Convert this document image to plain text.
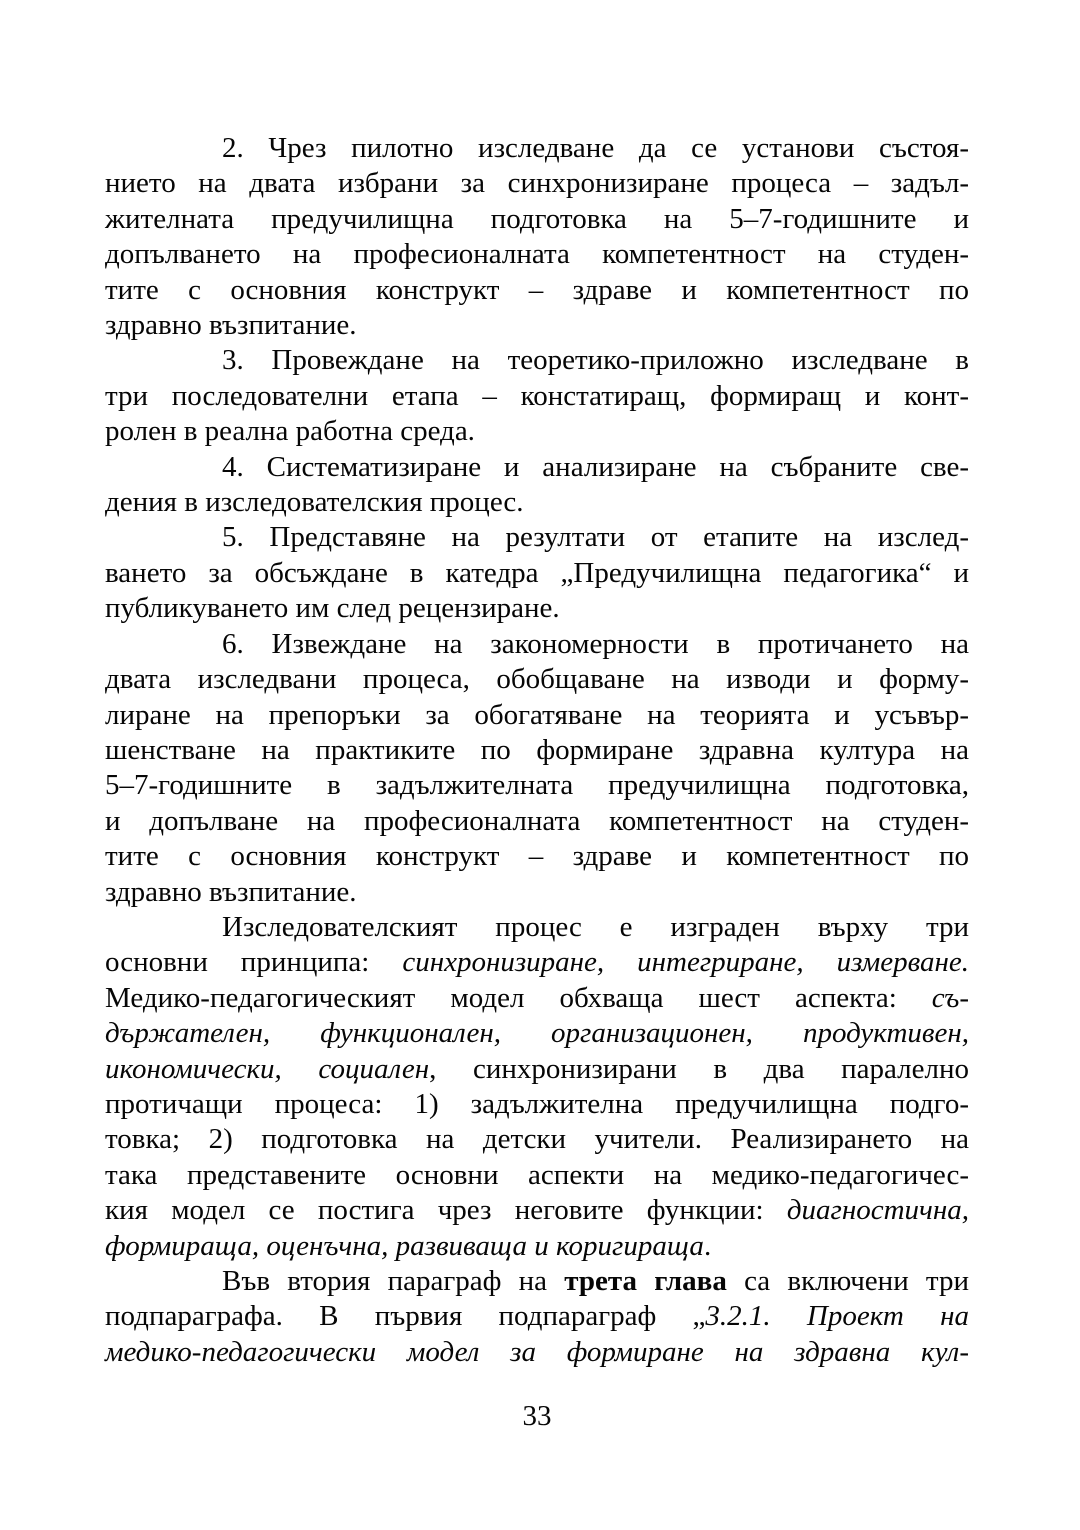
2. Чрез пилотно изследване да се установи състоя-
нието на двата избрани за синхронизиране процеса – задъл-
жителната предучилищна подготовка на 5–7-годишните и
допълването на професионалната компетентност на студен-
тите с основния конструкт – здраве и компетентност по
здравно възпитание.
3. Провеждане на теоретико-приложно изследване в
три последователни етапа – констатиращ, формиращ и конт-
ролен в реална работна среда.
4. Систематизиране и анализиране на събраните све-
дения в изследователския процес.
5. Представяне на резултати от етапите на изслед-
ването за обсъждане в катедра „Предучилищна педагогика“ и
публикуването им след рецензиране.
6. Извеждане на закономерности в протичането на
двата изследвани процеса, обобщаване на изводи и форму-
лиране на препоръки за обогатяване на теорията и усъвър-
шенстване на практиките по формиране здравна култура на
5–7-годишните в задължителната предучилищна подготовка,
и допълване на професионалната компетентност на студен-
тите с основния конструкт – здраве и компетентност по
здравно възпитание.
Изследователският процес е изграден върху три
основни принципа: синхронизиране, интегриране, измерване.
Медико-педагогическият модел обхваща шест аспекта: съ-
държателен, функционален, организационен, продуктивен,
икономически, социален, синхронизирани в два паралелно
протичащи процеса: 1) задължителна предучилищна подго-
товка; 2) подготовка на детски учители. Реализирането на
така представените основни аспекти на медико-педагогичес-
кия модел се постига чрез неговите функции: диагностична,
формираща, оценъчна, развиваща и коригираща.
Във втория параграф на трета глава са включени три
подпараграфа. В първия подпараграф „3.2.1. Проект на
медико-педагогически модел за формиране на здравна кул-
33
